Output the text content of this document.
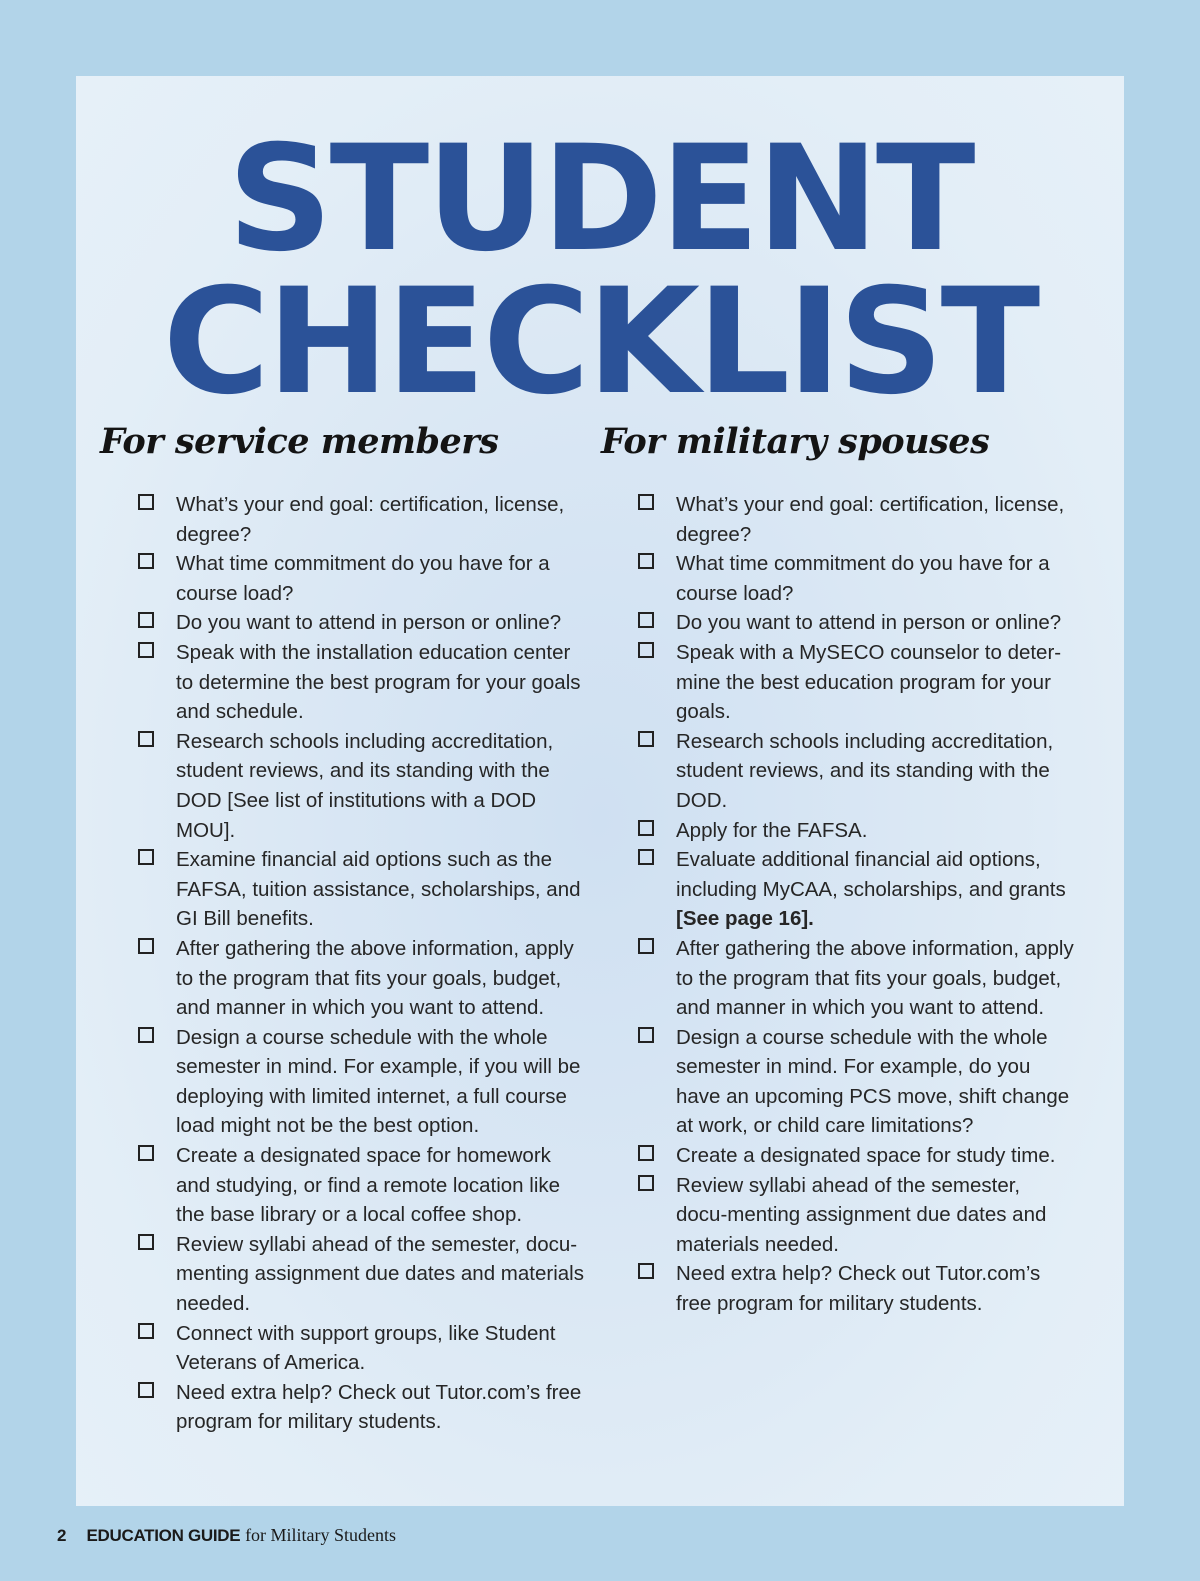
STUDENT
CHECKLIST
For service members	For military spouses
What’s your end goal: certification, license, degree?
What time commitment do you have for a course load?
Do you want to attend in person or online?
Speak with the installation education center to determine the best program for your goals and schedule.
Research schools including accreditation, student reviews, and its standing with the DOD [See list of institutions with a DOD MOU].
Examine financial aid options such as the FAFSA, tuition assistance, scholarships, and GI Bill benefits.
After gathering the above information, apply to the program that fits your goals, budget, and manner in which you want to attend.
Design a course schedule with the whole semester in mind. For example, if you will be deploying with limited internet, a full course load might not be the best option.
Create a designated space for homework and studying, or find a remote location like the base library or a local coffee shop.
Review syllabi ahead of the semester, docu-menting assignment due dates and materials needed.
Connect with support groups, like Student Veterans of America.
Need extra help? Check out Tutor.com’s free program for military students.
What’s your end goal: certification, license, degree?
What time commitment do you have for a course load?
Do you want to attend in person or online?
Speak with a MySECO counselor to deter-mine the best education program for your goals.
Research schools including accreditation, student reviews, and its standing with the DOD.
Apply for the FAFSA.
Evaluate additional financial aid options, including MyCAA, scholarships, and grants [See page 16].
After gathering the above information, apply to the program that fits your goals, budget, and manner in which you want to attend.
Design a course schedule with the whole semester in mind. For example, do you have an upcoming PCS move, shift change at work, or child care limitations?
Create a designated space for study time.
Review syllabi ahead of the semester, docu-menting assignment due dates and materials needed.
Need extra help? Check out Tutor.com’s free program for military students.
2 EDUCATION GUIDE for Military Students
